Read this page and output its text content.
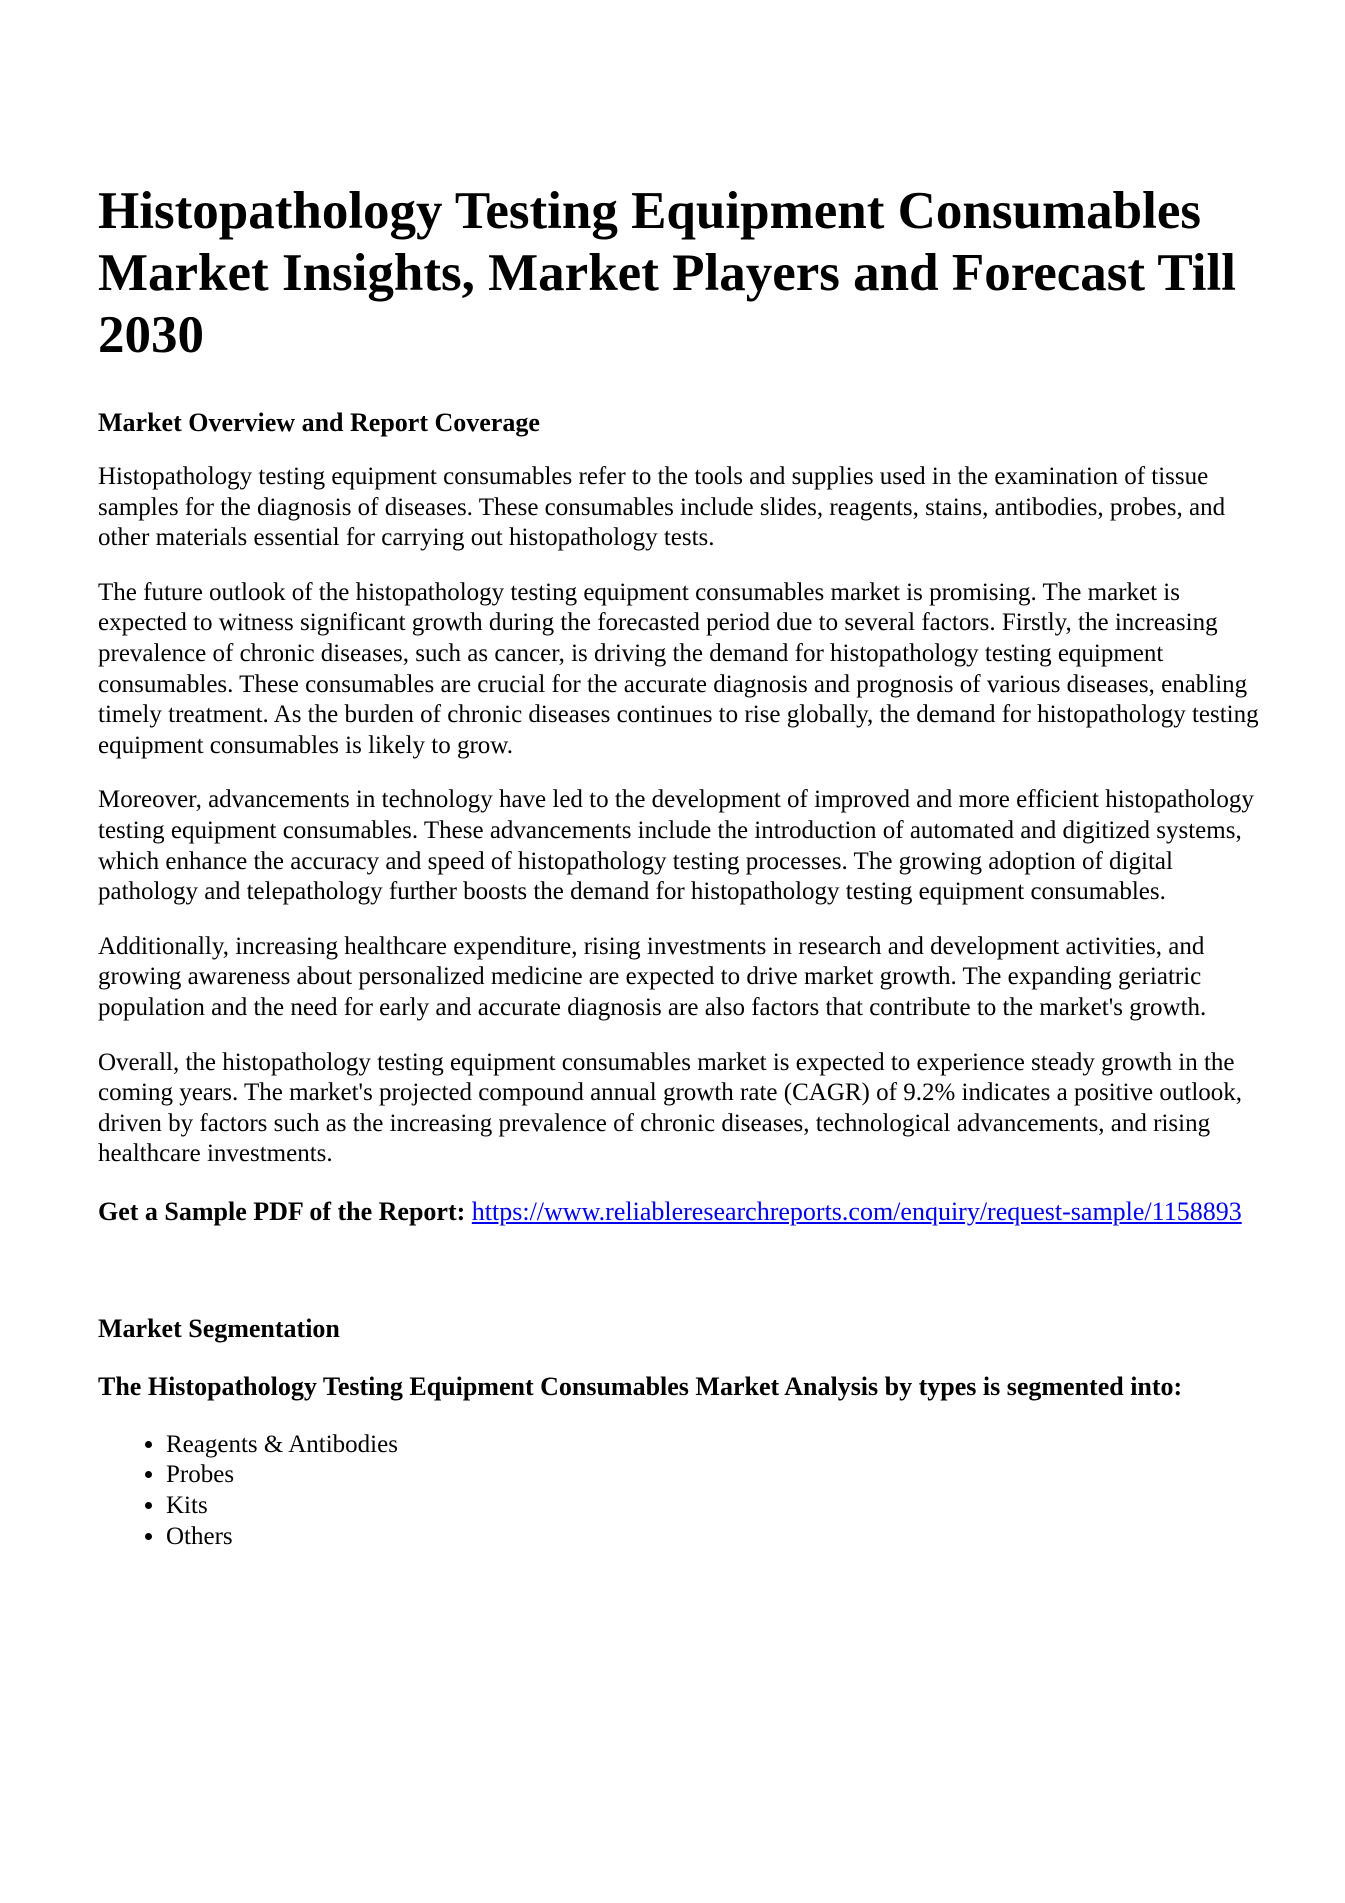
Histopathology Testing Equipment Consumables Market Insights, Market Players and Forecast Till 2030
Market Overview and Report Coverage

Histopathology testing equipment consumables refer to the tools and supplies used in the examination of tissue samples for the diagnosis of diseases. These consumables include slides, reagents, stains, antibodies, probes, and other materials essential for carrying out histopathology tests.

The future outlook of the histopathology testing equipment consumables market is promising. The market is expected to witness significant growth during the forecasted period due to several factors. Firstly, the increasing prevalence of chronic diseases, such as cancer, is driving the demand for histopathology testing equipment consumables. These consumables are crucial for the accurate diagnosis and prognosis of various diseases, enabling timely treatment. As the burden of chronic diseases continues to rise globally, the demand for histopathology testing equipment consumables is likely to grow.

Moreover, advancements in technology have led to the development of improved and more efficient histopathology testing equipment consumables. These advancements include the introduction of automated and digitized systems, which enhance the accuracy and speed of histopathology testing processes. The growing adoption of digital pathology and telepathology further boosts the demand for histopathology testing equipment consumables.

Additionally, increasing healthcare expenditure, rising investments in research and development activities, and growing awareness about personalized medicine are expected to drive market growth. The expanding geriatric population and the need for early and accurate diagnosis are also factors that contribute to the market's growth.

Overall, the histopathology testing equipment consumables market is expected to experience steady growth in the coming years. The market's projected compound annual growth rate (CAGR) of 9.2% indicates a positive outlook, driven by factors such as the increasing prevalence of chronic diseases, technological advancements, and rising healthcare investments.

Get a Sample PDF of the Report: https://www.reliableresearchreports.com/enquiry/request-sample/1158893

Market Segmentation
The Histopathology Testing Equipment Consumables Market Analysis by types is segmented into:
• Reagents & Antibodies
• Probes
• Kits
• Others
